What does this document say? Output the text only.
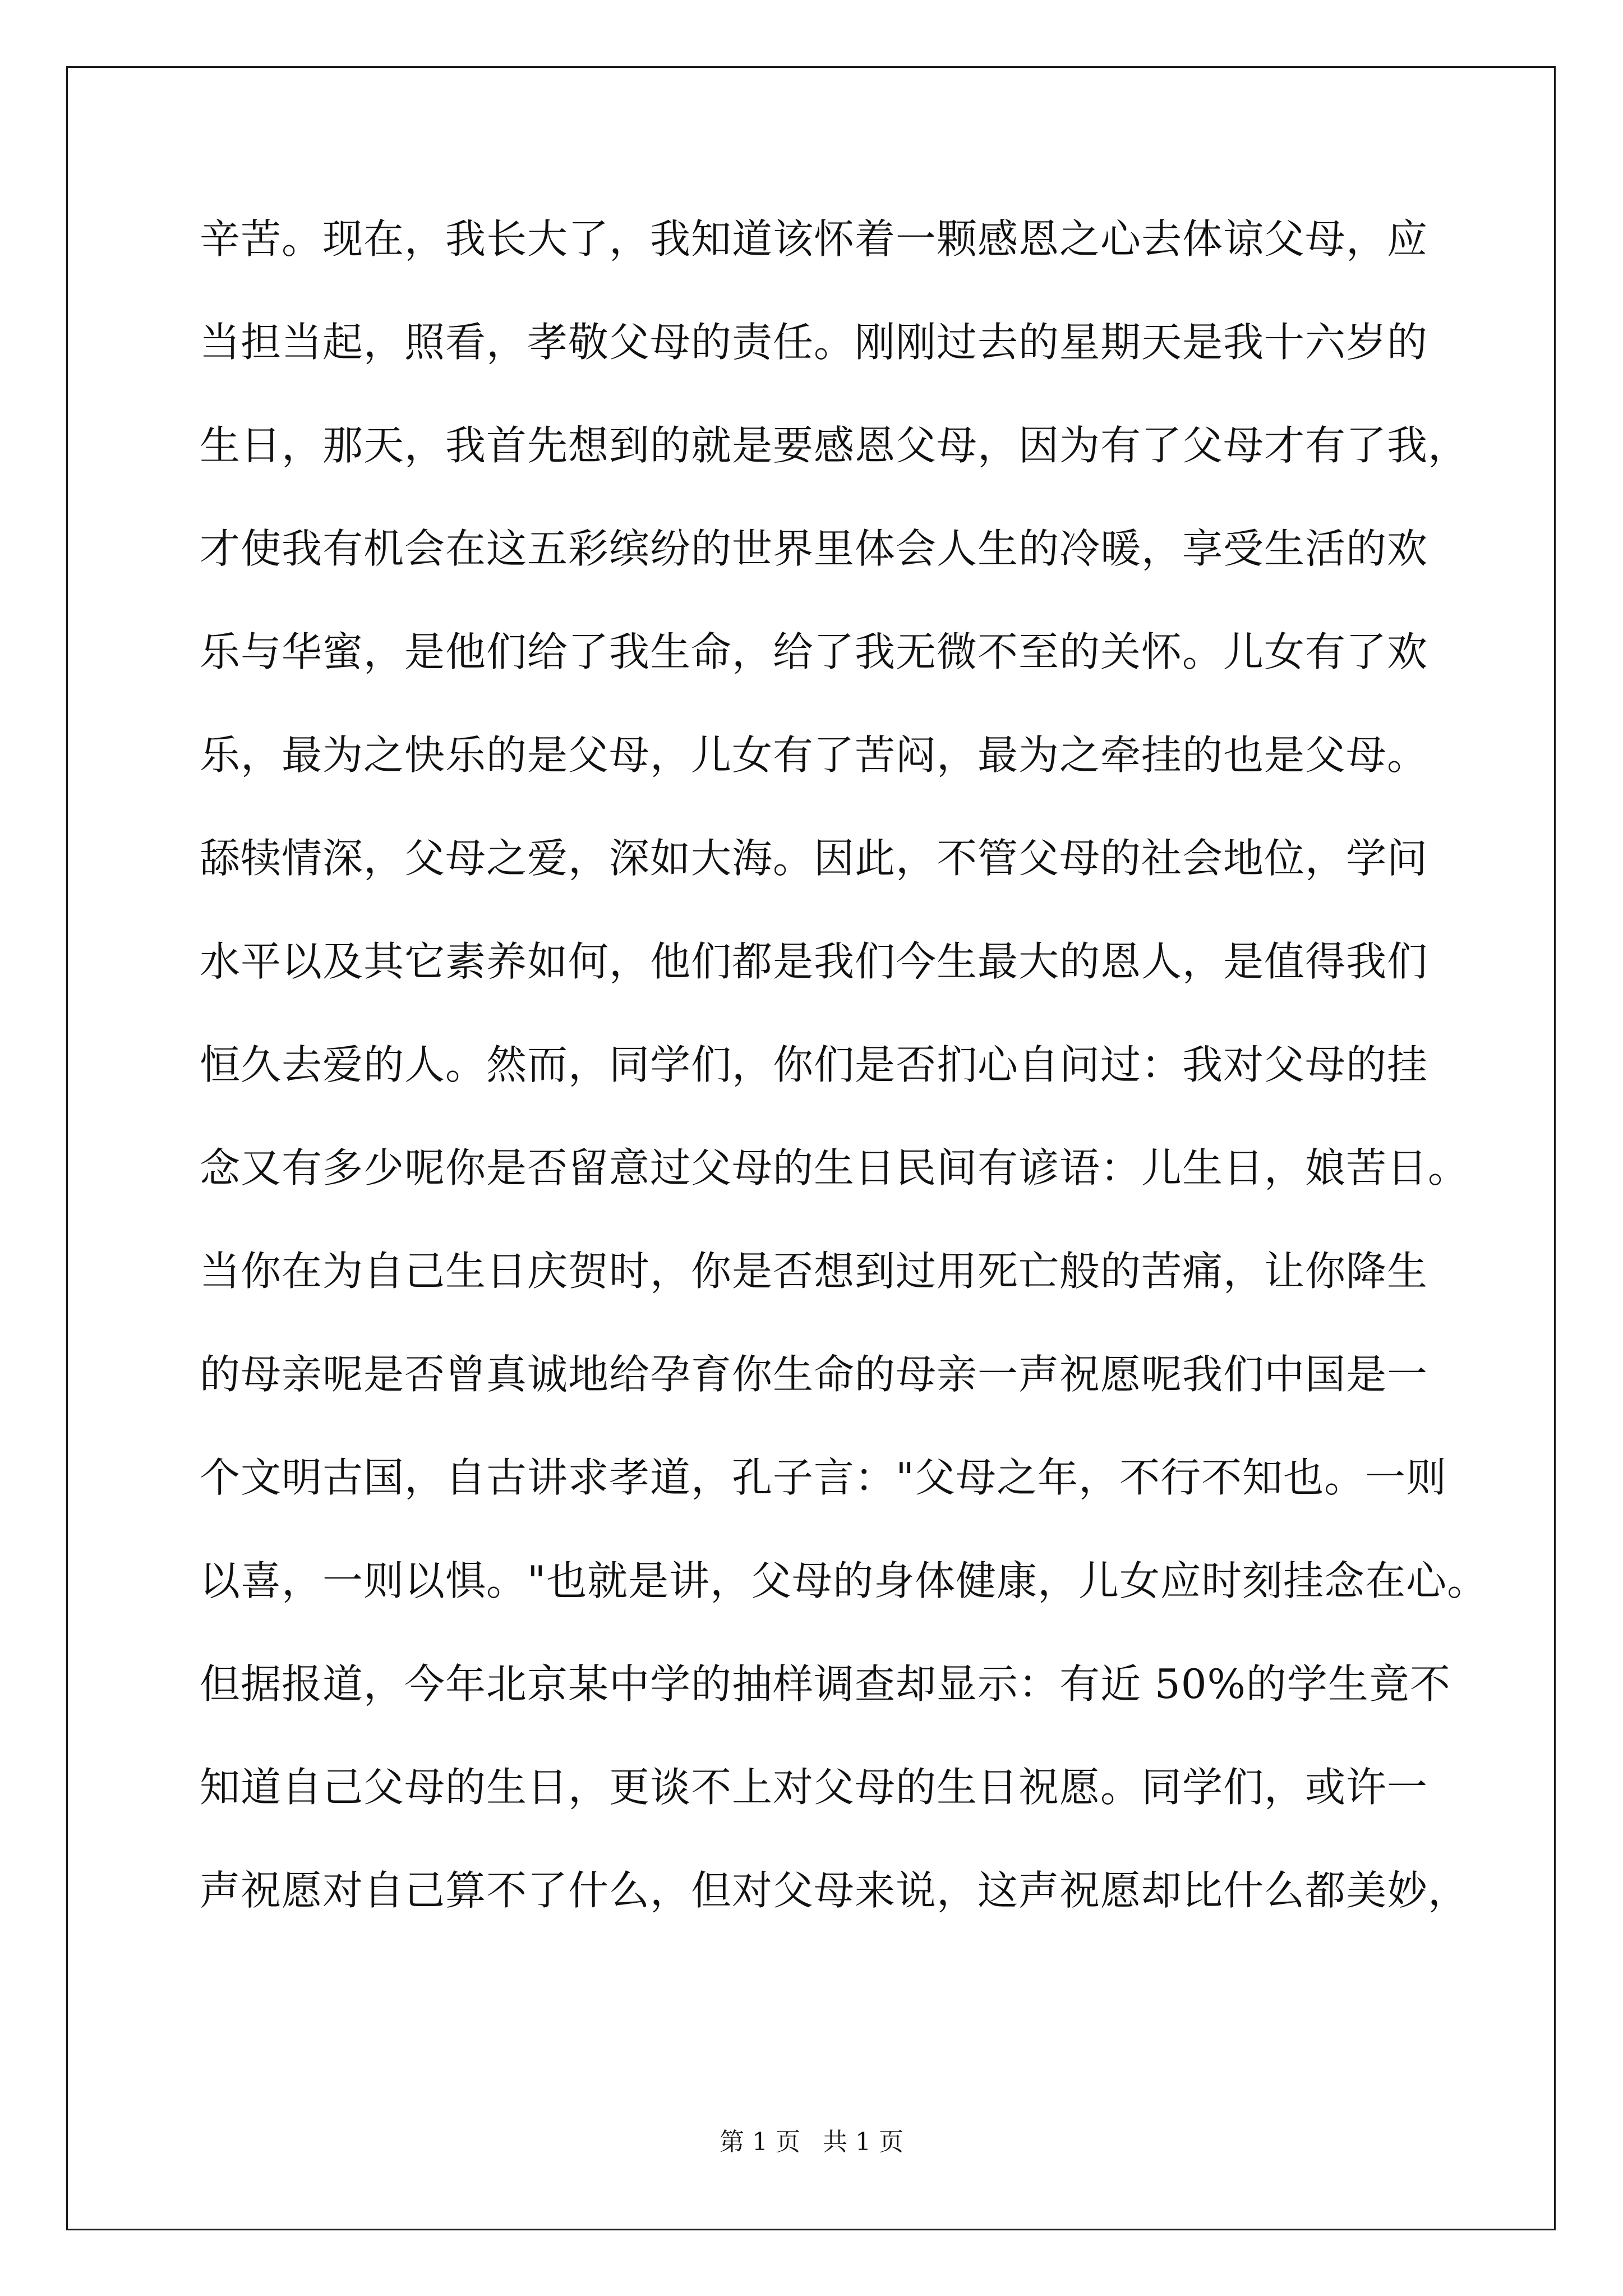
辛苦。现在，我长大了，我知道该怀着一颗感恩之心去体谅父母，应
当担当起，照看，孝敬父母的责任。刚刚过去的星期天是我十六岁的
生日，那天，我首先想到的就是要感恩父母，因为有了父母才有了我，
才使我有机会在这五彩缤纷的世界里体会人生的冷暖，享受生活的欢
乐与华蜜，是他们给了我生命，给了我无微不至的关怀。儿女有了欢
乐，最为之快乐的是父母，儿女有了苦闷，最为之牵挂的也是父母。
舔犊情深，父母之爱，深如大海。因此，不管父母的社会地位，学问
水平以及其它素养如何，他们都是我们今生最大的恩人，是值得我们
恒久去爱的人。然而，同学们，你们是否扪心自问过：我对父母的挂
念又有多少呢你是否留意过父母的生日民间有谚语：儿生日，娘苦日。
当你在为自己生日庆贺时，你是否想到过用死亡般的苦痛，让你降生
的母亲呢是否曾真诚地给孕育你生命的母亲一声祝愿呢我们中国是一
个文明古国，自古讲求孝道，孔子言："父母之年，不行不知也。一则
以喜，一则以惧。"也就是讲，父母的身体健康，儿女应时刻挂念在心。
但据报道，今年北京某中学的抽样调查却显示：有近 50%的学生竟不
知道自己父母的生日，更谈不上对父母的生日祝愿。同学们，或许一
声祝愿对自己算不了什么，但对父母来说，这声祝愿却比什么都美妙，
第 1 页 共 1 页
